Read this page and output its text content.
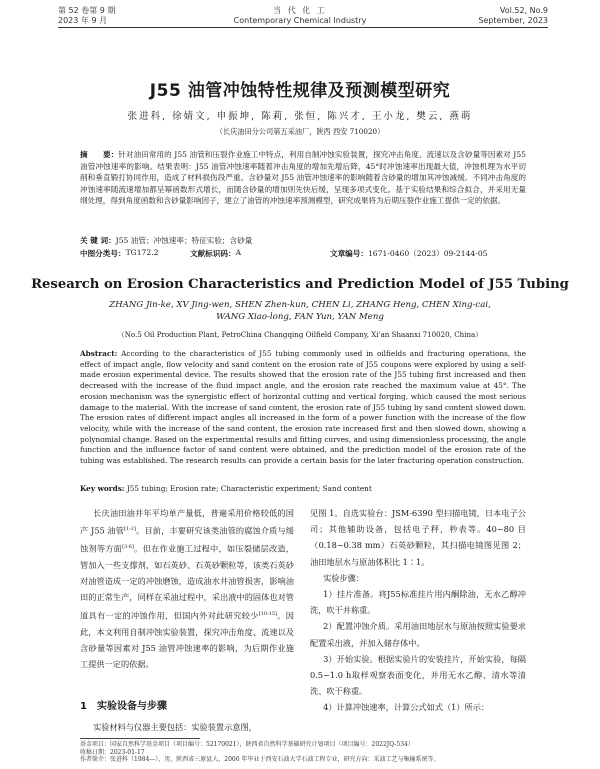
第 52 卷第 9 期
2023 年 9 月
当 代 化 工
Contemporary Chemical Industry
Vol.52, No.9
September, 2023
J55 油管冲蚀特性规律及预测模型研究
张进科, 徐婧文, 申振坤, 陈莉, 张恒, 陈兴才, 王小龙, 樊云, 燕萌
（长庆油田分公司第五采油厂，陕西 西安 710020）
摘　　要：针对油田常用的 J55 油管和压裂作业施工中特点，利用自制冲蚀实验装置，探究冲击角度、流速以及含砂量等因素对 J55 油管冲蚀速率的影响。结果表明：J55 油管冲蚀速率随着冲击角度的增加先增后降，45°时冲蚀速率出现最大值，冲蚀机理为水平切削和垂直锻打协同作用，造成了材料损伤段严重。含砂量对 J55 油管冲蚀速率的影响随着含砂量的增加其冲蚀减缓。不同冲击角度的冲蚀速率随流速增加都呈幂函数形式增长，而随含砂量的增加则先快后缓，呈现多项式变化。基于实验结果和综合拟合，并采用无量纲处理，得到角度函数和含砂量影响因子，建立了油管的冲蚀速率预测模型，研究成果将为后期压裂作业施工提供一定的依据。
关 键 词：J55 油管；冲蚀速率；特征实验；含砂量
中图分类号： TG172.2	文献标识码： A	文章编号： 1671-0460（2023）09-2144-05
Research on Erosion Characteristics and Prediction Model of J55 Tubing
ZHANG Jin-ke, XV Jing-wen, SHEN Zhen-kun, CHEN Li, ZHANG Heng, CHEN Xing-cai, WANG Xiao-long, FAN Yun, YAN Meng
（No.5 Oil Production Plant, PetroChina Changqing Oilfield Company, Xi'an Shaanxi 710020, China）
Abstract: According to the characteristics of J55 tubing commonly used in oilfields and fracturing operations, the effect of impact angle, flow velocity and sand content on the erosion rate of J55 coupons were explored by using a self-made erosion experimental device. The results showed that the erosion rate of the J55 tubing first increased and then decreased with the increase of the fluid impact angle, and the erosion rate reached the maximum value at 45°. The erosion mechanism was the synergistic effect of horizontal cutting and vertical forging, which caused the most serious damage to the material. With the increase of sand content, the erosion rate of J55 tubing by sand content slowed down. The erosion rates of different impact angles all increased in the form of a power function with the increase of the flow velocity, while with the increase of the sand content, the erosion rate increased first and then slowed down, showing a polynomial change. Based on the experimental results and fitting curves, and using dimensionless processing, the angle function and the influence factor of sand content were obtained, and the prediction model of the erosion rate of the tubing was established. The research results can provide a certain basis for the later fracturing operation construction.
Key words: J55 tubing; Erosion rate; Characteristic experiment; Sand content

长庆油田油井年平均单产量低，普遍采用价格较低的国产 J55 油管[1-2]。目前，丰要研究该类油管的腐蚀介质与缓蚀剂等方面[3-6]。但在作业施工过程中，如压裂储层改造，管加入一些支撑剂，如石英砂、石英砂颗粒等，该类石英砂对油管造成一定的冲蚀磨蚀，造成油水井油管损害，影响油田的正常生产，同样在采油过程中，采出液中的固体也对管道具有一定的冲蚀作用，但国内外对此研究较少[10-15]。因此，本文利用自制冲蚀实验装置，探究冲击角度、流速以及含砂量等因素对 J55 油管冲蚀速率的影响，为后期作业施工提供一定的依据。

1　实验设备与步骤
实验材料与仪器主要包括：实验装置示意图，

见图 1。自选实验台：JSM-6390 型扫描电镜，日本电子公司；其他辅助设备，包括电子秤，秒表等。40~80 目（0.18~0.38 mm）石英砂颗粒，其扫描电镜图见图 2；油田地层水与原油体积比 1∶1。

实验步骤：

1）挂片准备。将J55标准挂片用内酮除油，无水乙醇冲洗，吹干并称重。

2）配置冲蚀介质。采用油田地层水与原油按照实验要求配置采出液，并加入储存体中。

3）开始实验。根据实验片的安装挂片，开始实验，每隔0.5~1.0 h取样观察表面变化，并用无水乙醇、清水等清洗、吹干称重。

4）计算冲蚀速率，计算公式如式（1）所示：

基金项目：国家自然科学基金项目（项目编号：52170021），陕西省自然科学基础研究计划项目（项目编号：2022JQ-534）
收稿日期：2023-01-17
作者简介：张进科（1984—），男，陕西省三原县人，2006 年毕业于西安石油大学石油工程专业，研究方向：采油工艺与集输系统等。
